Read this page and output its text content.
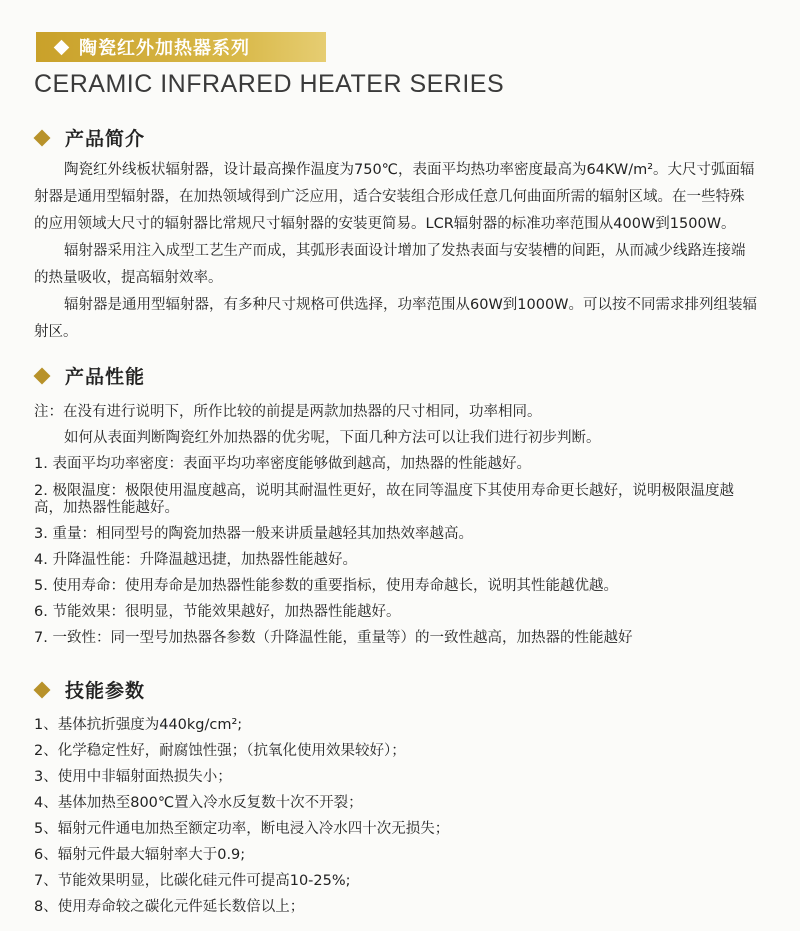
陶瓷红外加热器系列
CERAMIC INFRARED HEATER SERIES
产品简介
陶瓷红外线板状辐射器，设计最高操作温度为750℃，表面平均热功率密度最高为64KW/m²。大尺寸弧面辐
射器是通用型辐射器，在加热领域得到广泛应用，适合安装组合形成任意几何曲面所需的辐射区域。在一些特殊
的应用领域大尺寸的辐射器比常规尺寸辐射器的安装更简易。LCR辐射器的标准功率范围从400W到1500W。
辐射器采用注入成型工艺生产而成，其弧形表面设计增加了发热表面与安装槽的间距，从而减少线路连接端
的热量吸收，提高辐射效率。
辐射器是通用型辐射器，有多种尺寸规格可供选择，功率范围从60W到1000W。可以按不同需求排列组装辐
射区。
产品性能
注：在没有进行说明下，所作比较的前提是两款加热器的尺寸相同，功率相同。
如何从表面判断陶瓷红外加热器的优劣呢，下面几种方法可以让我们进行初步判断。
1. 表面平均功率密度：表面平均功率密度能够做到越高，加热器的性能越好。
2. 极限温度：极限使用温度越高，说明其耐温性更好，故在同等温度下其使用寿命更长越好，说明极限温度越
高，加热器性能越好。
3. 重量：相同型号的陶瓷加热器一般来讲质量越轻其加热效率越高。
4. 升降温性能：升降温越迅捷，加热器性能越好。
5. 使用寿命：使用寿命是加热器性能参数的重要指标，使用寿命越长，说明其性能越优越。
6. 节能效果：很明显，节能效果越好，加热器性能越好。
7. 一致性：同一型号加热器各参数（升降温性能，重量等）的一致性越高，加热器的性能越好
技能参数
1、基体抗折强度为440kg/cm²;
2、化学稳定性好，耐腐蚀性强；（抗氧化使用效果较好）；
3、使用中非辐射面热损失小；
4、基体加热至800℃置入冷水反复数十次不开裂；
5、辐射元件通电加热至额定功率，断电浸入冷水四十次无损失；
6、辐射元件最大辐射率大于0.9;
7、节能效果明显，比碳化硅元件可提高10-25%;
8、使用寿命较之碳化元件延长数倍以上；
